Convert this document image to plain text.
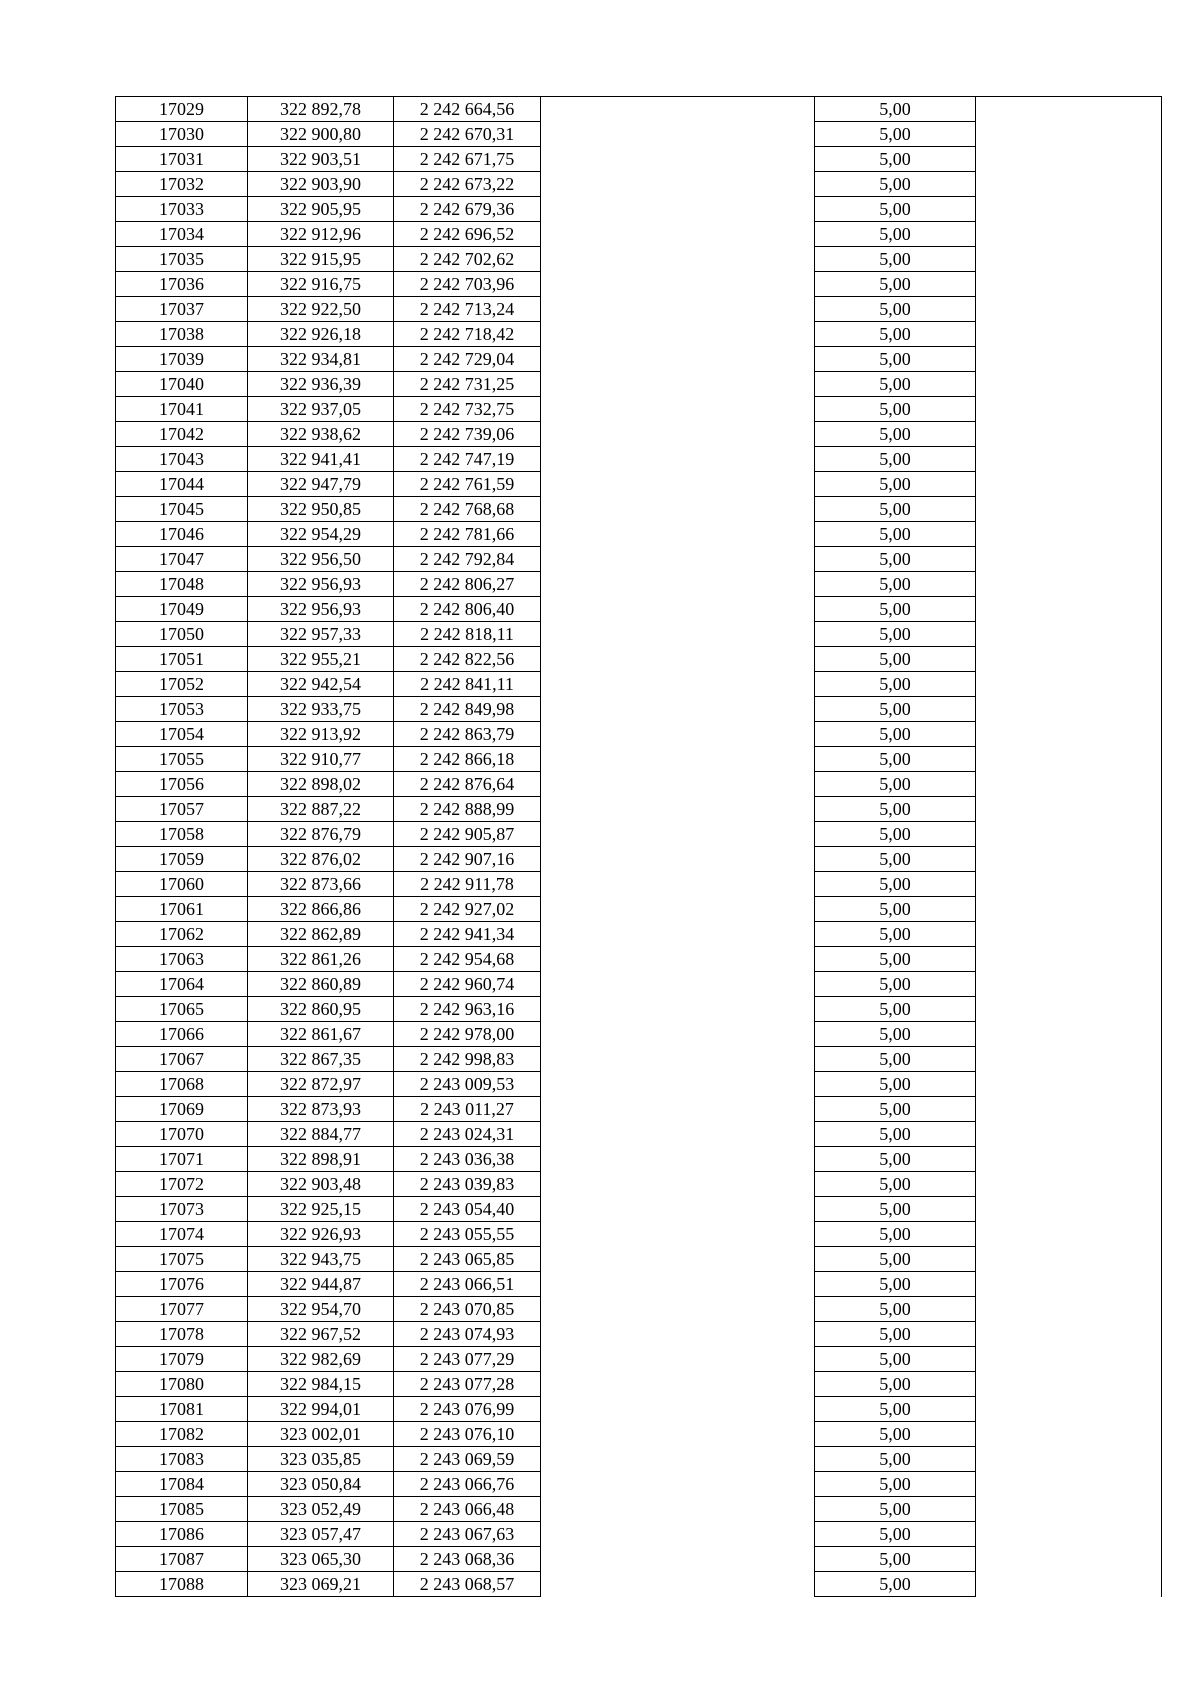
17029	322 892,78	2 242 664,56		5,00	
17030	322 900,80	2 242 670,31		5,00	
17031	322 903,51	2 242 671,75		5,00	
17032	322 903,90	2 242 673,22		5,00	
17033	322 905,95	2 242 679,36		5,00	
17034	322 912,96	2 242 696,52		5,00	
17035	322 915,95	2 242 702,62		5,00	
17036	322 916,75	2 242 703,96		5,00	
17037	322 922,50	2 242 713,24		5,00	
17038	322 926,18	2 242 718,42		5,00	
17039	322 934,81	2 242 729,04		5,00	
17040	322 936,39	2 242 731,25		5,00	
17041	322 937,05	2 242 732,75		5,00	
17042	322 938,62	2 242 739,06		5,00	
17043	322 941,41	2 242 747,19		5,00	
17044	322 947,79	2 242 761,59		5,00	
17045	322 950,85	2 242 768,68		5,00	
17046	322 954,29	2 242 781,66		5,00	
17047	322 956,50	2 242 792,84		5,00	
17048	322 956,93	2 242 806,27		5,00	
17049	322 956,93	2 242 806,40		5,00	
17050	322 957,33	2 242 818,11		5,00	
17051	322 955,21	2 242 822,56		5,00	
17052	322 942,54	2 242 841,11		5,00	
17053	322 933,75	2 242 849,98		5,00	
17054	322 913,92	2 242 863,79		5,00	
17055	322 910,77	2 242 866,18		5,00	
17056	322 898,02	2 242 876,64		5,00	
17057	322 887,22	2 242 888,99		5,00	
17058	322 876,79	2 242 905,87		5,00	
17059	322 876,02	2 242 907,16		5,00	
17060	322 873,66	2 242 911,78		5,00	
17061	322 866,86	2 242 927,02		5,00	
17062	322 862,89	2 242 941,34		5,00	
17063	322 861,26	2 242 954,68		5,00	
17064	322 860,89	2 242 960,74		5,00	
17065	322 860,95	2 242 963,16		5,00	
17066	322 861,67	2 242 978,00		5,00	
17067	322 867,35	2 242 998,83		5,00	
17068	322 872,97	2 243 009,53		5,00	
17069	322 873,93	2 243 011,27		5,00	
17070	322 884,77	2 243 024,31		5,00	
17071	322 898,91	2 243 036,38		5,00	
17072	322 903,48	2 243 039,83		5,00	
17073	322 925,15	2 243 054,40		5,00	
17074	322 926,93	2 243 055,55		5,00	
17075	322 943,75	2 243 065,85		5,00	
17076	322 944,87	2 243 066,51		5,00	
17077	322 954,70	2 243 070,85		5,00	
17078	322 967,52	2 243 074,93		5,00	
17079	322 982,69	2 243 077,29		5,00	
17080	322 984,15	2 243 077,28		5,00	
17081	322 994,01	2 243 076,99		5,00	
17082	323 002,01	2 243 076,10		5,00	
17083	323 035,85	2 243 069,59		5,00	
17084	323 050,84	2 243 066,76		5,00	
17085	323 052,49	2 243 066,48		5,00	
17086	323 057,47	2 243 067,63		5,00	
17087	323 065,30	2 243 068,36		5,00	
17088	323 069,21	2 243 068,57		5,00	
